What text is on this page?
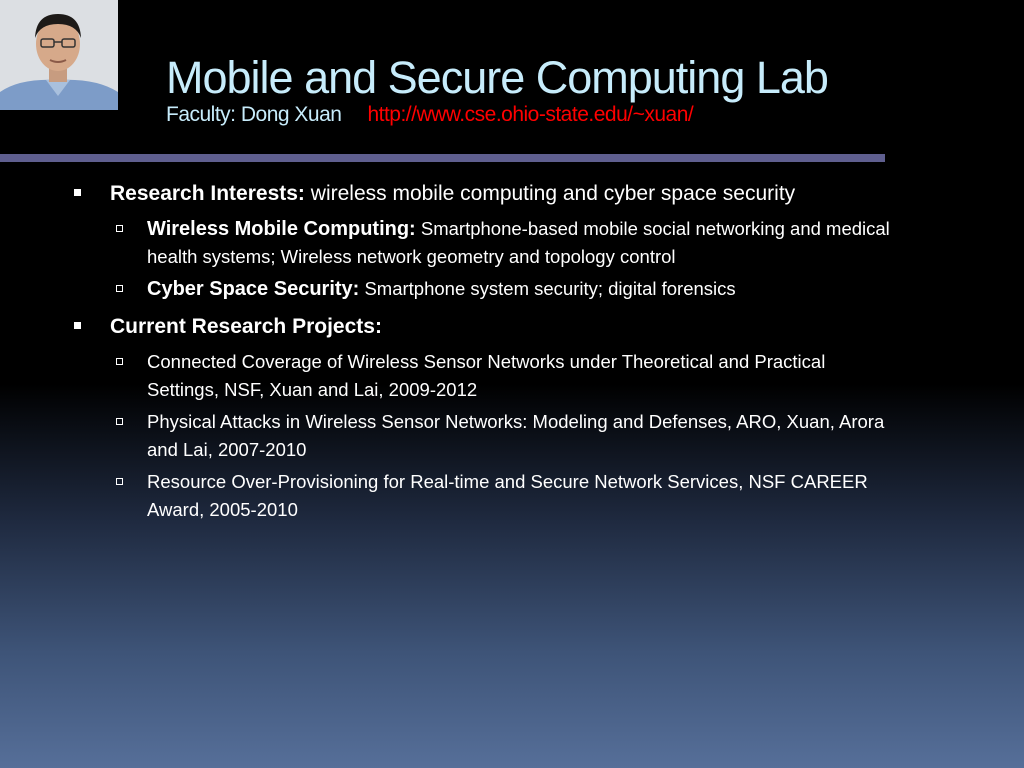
Mobile and Secure Computing Lab
Faculty: Dong Xuan http://www.cse.ohio-state.edu/~xuan/
Research Interests: wireless mobile computing and cyber space security
Wireless Mobile Computing: Smartphone-based mobile social networking and medical health systems; Wireless network geometry and topology control
Cyber Space Security: Smartphone system security; digital forensics
Current Research Projects:
Connected Coverage of Wireless Sensor Networks under Theoretical and Practical Settings, NSF, Xuan and Lai, 2009-2012
Physical Attacks in Wireless Sensor Networks: Modeling and Defenses, ARO, Xuan, Arora and Lai, 2007-2010
Resource Over-Provisioning for Real-time and Secure Network Services, NSF CAREER Award, 2005-2010
